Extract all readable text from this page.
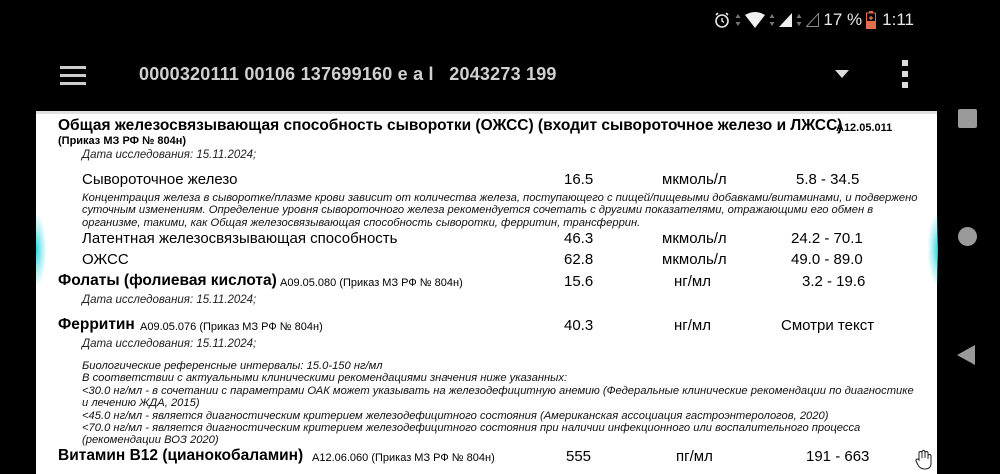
17 % 1:11
0000320111 00106 137699160 e a l   2043273 199
Общая железосвязывающая способность сыворотки (ОЖСС) (входит сывороточное железо и ЛЖСС)
A12.05.011
(Приказ МЗ РФ № 804н)
Дата исследования: 15.11.2024;
Сывороточное железо	16.5	мкмоль/л	5.8 - 34.5
Концентрация железа в сыворотке/плазме крови зависит от количества железа, поступающего с пищей/пищевыми добавками/витаминами, и подвержено
суточным изменениям. Определение уровня сывороточного железа рекомендуется сочетать с другими показателями, отражающими его обмен в
организме, такими, как Общая железосвязывающая способность сыворотки, ферритин, трансферрин.
Латентная железосвязывающая способность	46.3	мкмоль/л	24.2 - 70.1
ОЖСС	62.8	мкмоль/л	49.0 - 89.0
Фолаты (фолиевая кислота) A09.05.080 (Приказ МЗ РФ № 804н)	15.6	нг/мл	3.2 - 19.6
Дата исследования: 15.11.2024;
Ферритин A09.05.076 (Приказ МЗ РФ № 804н)	40.3	нг/мл	Смотри текст
Дата исследования: 15.11.2024;
Биологические референсные интервалы: 15.0-150 нг/мл
В соответствии с актуальными клиническими рекомендациями значения ниже указанных:
<30.0 нг/мл - в сочетании с параметрами ОАК может указывать на железодефицитную анемию (Федеральные клинические рекомендации по диагностике
и лечению ЖДА, 2015)
<45.0 нг/мл - является диагностическим критерием железодефицитного состояния (Американская ассоциация гастроэнтерологов, 2020)
<70.0 нг/мл - является диагностическим критерием железодефицитного состояния при наличии инфекционного или воспалительного процесса
(рекомендации ВОЗ 2020)
Витамин B12 (цианокобаламин) A12.06.060 (Приказ МЗ РФ № 804н)	555	пг/мл	191 - 663
